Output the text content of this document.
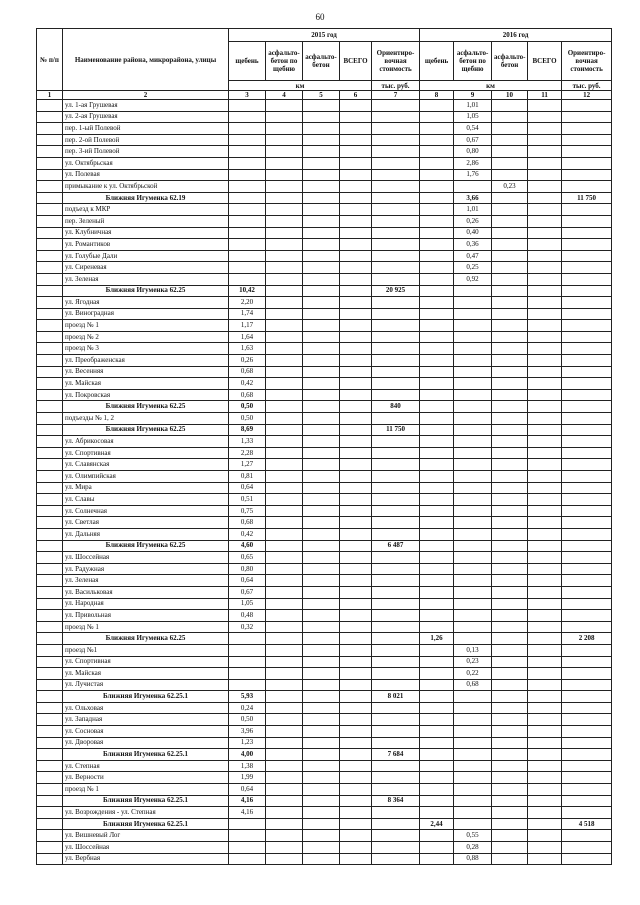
60
№ п/п	Наименование района, микрорайона, улицы	2015 год					2016 год				
		щебень	асфальто-бетон по щебню	асфальто-бетон	ВСЕГО	Ориентиро-вочная стоимость	щебень	асфальто-бетон по щебню	асфальто-бетон	ВСЕГО	Ориентиро-вочная стоимость
		км				тыс. руб.	км				тыс. руб.
1	2	3	4	5	6	7	8	9	10	11	12
	ул. 1-ая Грушевая							1,01			
	ул. 2-ая Грушевая							1,05			
	пер. 1-ый Полевой							0,54			
	пер. 2-ой Полевой							0,67			
	пер. 3-ий Полевой							0,80			
	ул. Октябрьская							2,86			
	ул. Полевая							1,76			
	примыкание к ул. Октябрьской								0,23		
	Ближняя Игуменка 62.19							3,66			11 750
	подъезд к МКР							1,01			
	пер. Зеленый							0,26			
	ул. Клубничная							0,40			
	ул. Романтиков							0,36			
	ул. Голубые Дали							0,47			
	ул. Сиреневая							0,25			
	ул. Зеленая							0,92			
	Ближняя Игуменка 62.25	10,42				20 925					
	ул. Ягодная	2,20									
	ул. Виноградная	1,74									
	проезд № 1	1,17									
	проезд № 2	1,64									
	проезд № 3	1,63									
	ул. Преображенская	0,26									
	ул. Весенняя	0,68									
	ул. Майская	0,42									
	ул. Покровская	0,68									
	Ближняя Игуменка 62.25	0,50				840					
	подъезды № 1, 2	0,50									
	Ближняя Игуменка 62.25	8,69				11 750					
	ул. Абрикосовая	1,33									
	ул. Спортивная	2,28									
	ул. Славянская	1,27									
	ул. Олимпийская	0,81									
	ул. Мира	0,64									
	ул. Славы	0,51									
	ул. Солнечная	0,75									
	ул. Светлая	0,68									
	ул. Дальняя	0,42									
	Ближняя Игуменка 62.25	4,60				6 487					
	ул. Шоссейная	0,65									
	ул. Радужная	0,80									
	ул. Зеленая	0,64									
	ул. Васильковая	0,67									
	ул. Народная	1,05									
	ул. Привольная	0,48									
	проезд № 1	0,32									
	Ближняя Игуменка 62.25						1,26				2 208
	проезд №1							0,13			
	ул. Спортивная							0,23			
	ул. Майская							0,22			
	ул. Лучистая							0,68			
	Ближняя Игуменка 62.25.1	5,93				8 021					
	ул. Ольховая	0,24									
	ул. Западная	0,50									
	ул. Сосновая	3,96									
	ул. Дворовая	1,23									
	Ближняя Игуменка 62.25.1	4,00				7 684					
	ул. Степная	1,38									
	ул. Верности	1,99									
	проезд № 1	0,64									
	Ближняя Игуменка 62.25.1	4,16				8 364					
	ул. Возрождения - ул. Степная	4,16									
	Ближняя Игуменка 62.25.1						2,44				4 518
	ул. Вишневый Лог							0,55			
	ул. Шоссейная							0,28			
	ул. Вербная							0,88			
